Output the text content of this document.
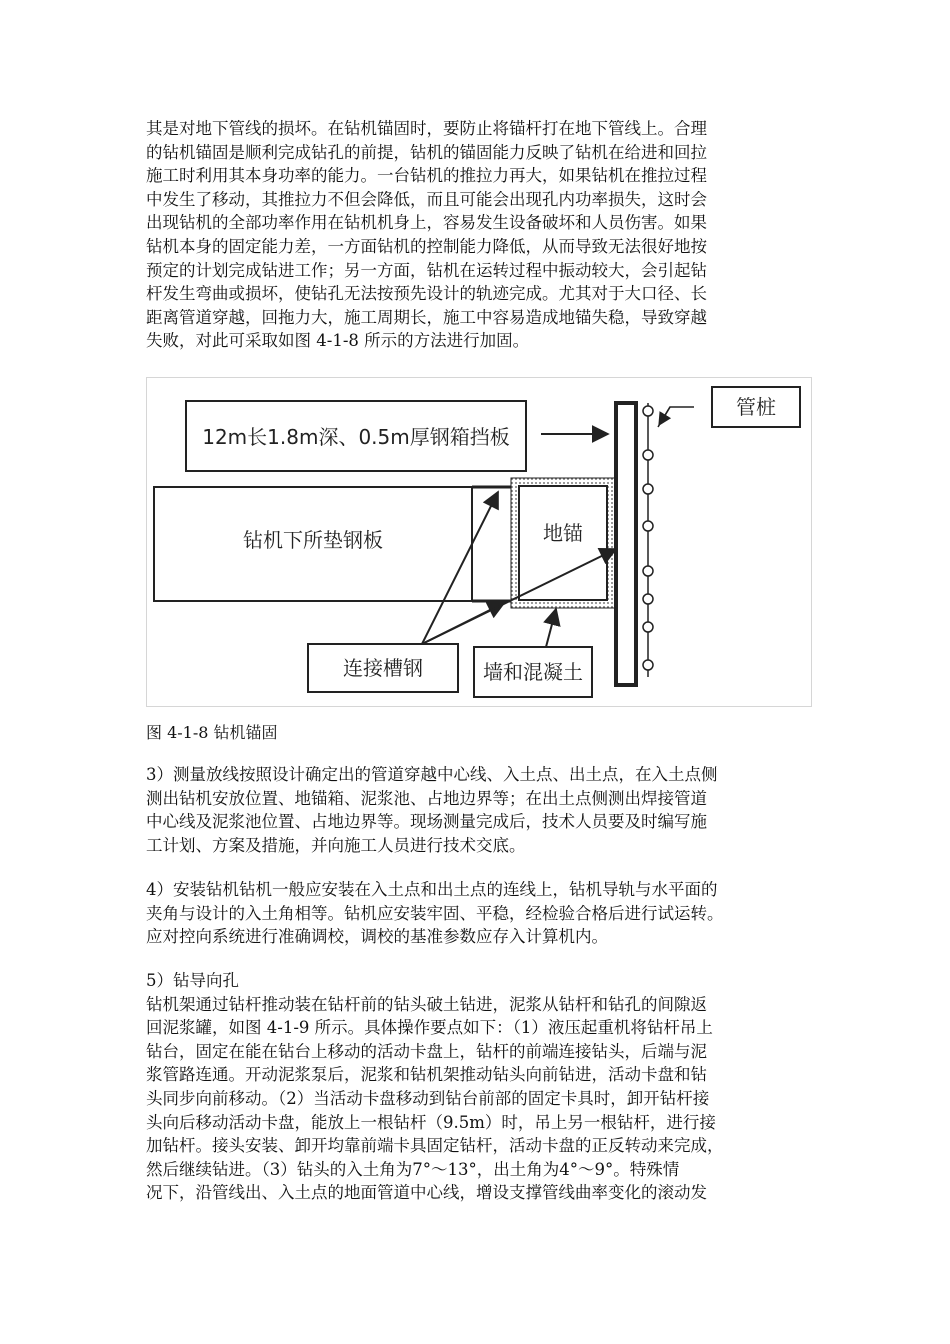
其是对地下管线的损坏。在钻机锚固时，要防止将锚杆打在地下管线上。合理
的钻机锚固是顺利完成钻孔的前提，钻机的锚固能力反映了钻机在给进和回拉
施工时利用其本身功率的能力。一台钻机的推拉力再大，如果钻机在推拉过程
中发生了移动，其推拉力不但会降低，而且可能会出现孔内功率损失，这时会
出现钻机的全部功率作用在钻机机身上，容易发生设备破坏和人员伤害。如果
钻机本身的固定能力差，一方面钻机的控制能力降低，从而导致无法很好地按
预定的计划完成钻进工作；另一方面，钻机在运转过程中振动较大，会引起钻
杆发生弯曲或损坏，使钻孔无法按预先设计的轨迹完成。尤其对于大口径、长
距离管道穿越，回拖力大，施工周期长，施工中容易造成地锚失稳，导致穿越
失败，对此可采取如图 4-1-8 所示的方法进行加固。
12m长1.8m深、0.5m厚钢箱挡板
钻机下所垫钢板	地锚
管桩
连接槽钢	墙和混凝土

图 4-1-8 钻机锚固

3）测量放线按照设计确定出的管道穿越中心线、入土点、出土点，在入土点侧
测出钻机安放位置、地锚箱、泥浆池、占地边界等；在出土点侧测出焊接管道
中心线及泥浆池位置、占地边界等。现场测量完成后，技术人员要及时编写施
工计划、方案及措施，并向施工人员进行技术交底。
4）安装钻机钻机一般应安装在入土点和出土点的连线上，钻机导轨与水平面的
夹角与设计的入土角相等。钻机应安装牢固、平稳，经检验合格后进行试运转。
应对控向系统进行准确调校，调校的基准参数应存入计算机内。
5）钻导向孔
钻机架通过钻杆推动装在钻杆前的钻头破土钻进，泥浆从钻杆和钻孔的间隙返
回泥浆罐，如图 4-1-9 所示。具体操作要点如下：（1）液压起重机将钻杆吊上
钻台，固定在能在钻台上移动的活动卡盘上，钻杆的前端连接钻头，后端与泥
浆管路连通。开动泥浆泵后，泥浆和钻机架推动钻头向前钻进，活动卡盘和钻
头同步向前移动。（2）当活动卡盘移动到钻台前部的固定卡具时，卸开钻杆接
头向后移动活动卡盘，能放上一根钻杆（9.5m）时，吊上另一根钻杆，进行接
加钻杆。接头安装、卸开均靠前端卡具固定钻杆，活动卡盘的正反转动来完成，
然后继续钻进。（3）钻头的入土角为7°～13°，出土角为4°～9°。特殊情
况下，沿管线出、入土点的地面管道中心线，增设支撑管线曲率变化的滚动发
